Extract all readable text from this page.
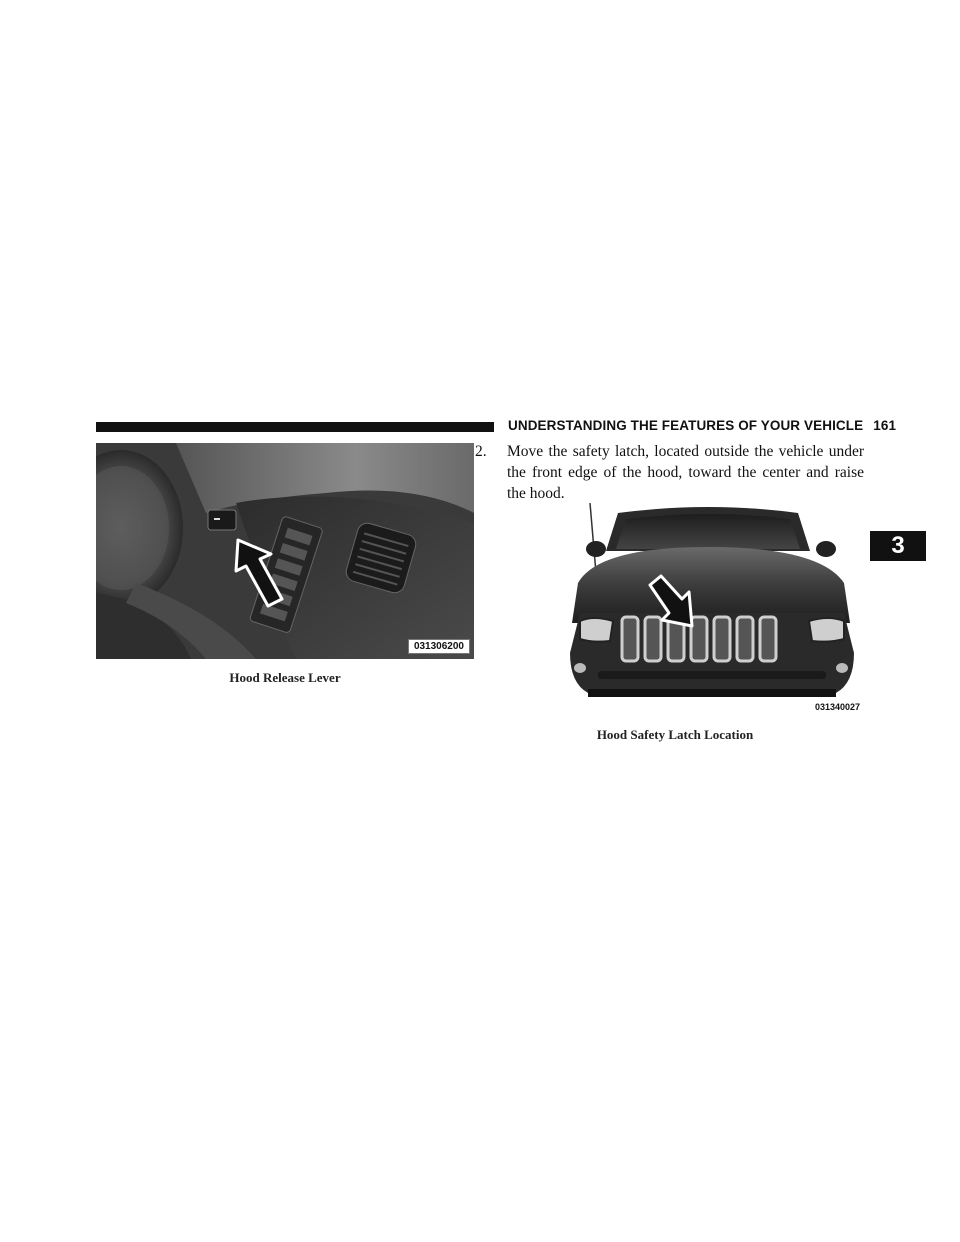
UNDERSTANDING THE FEATURES OF YOUR VEHICLE 161
3
031306200
Hood Release Lever
2. Move the safety latch, located outside the vehicle under the front edge of the hood, toward the center and raise the hood.
031340027
Hood Safety Latch Location
